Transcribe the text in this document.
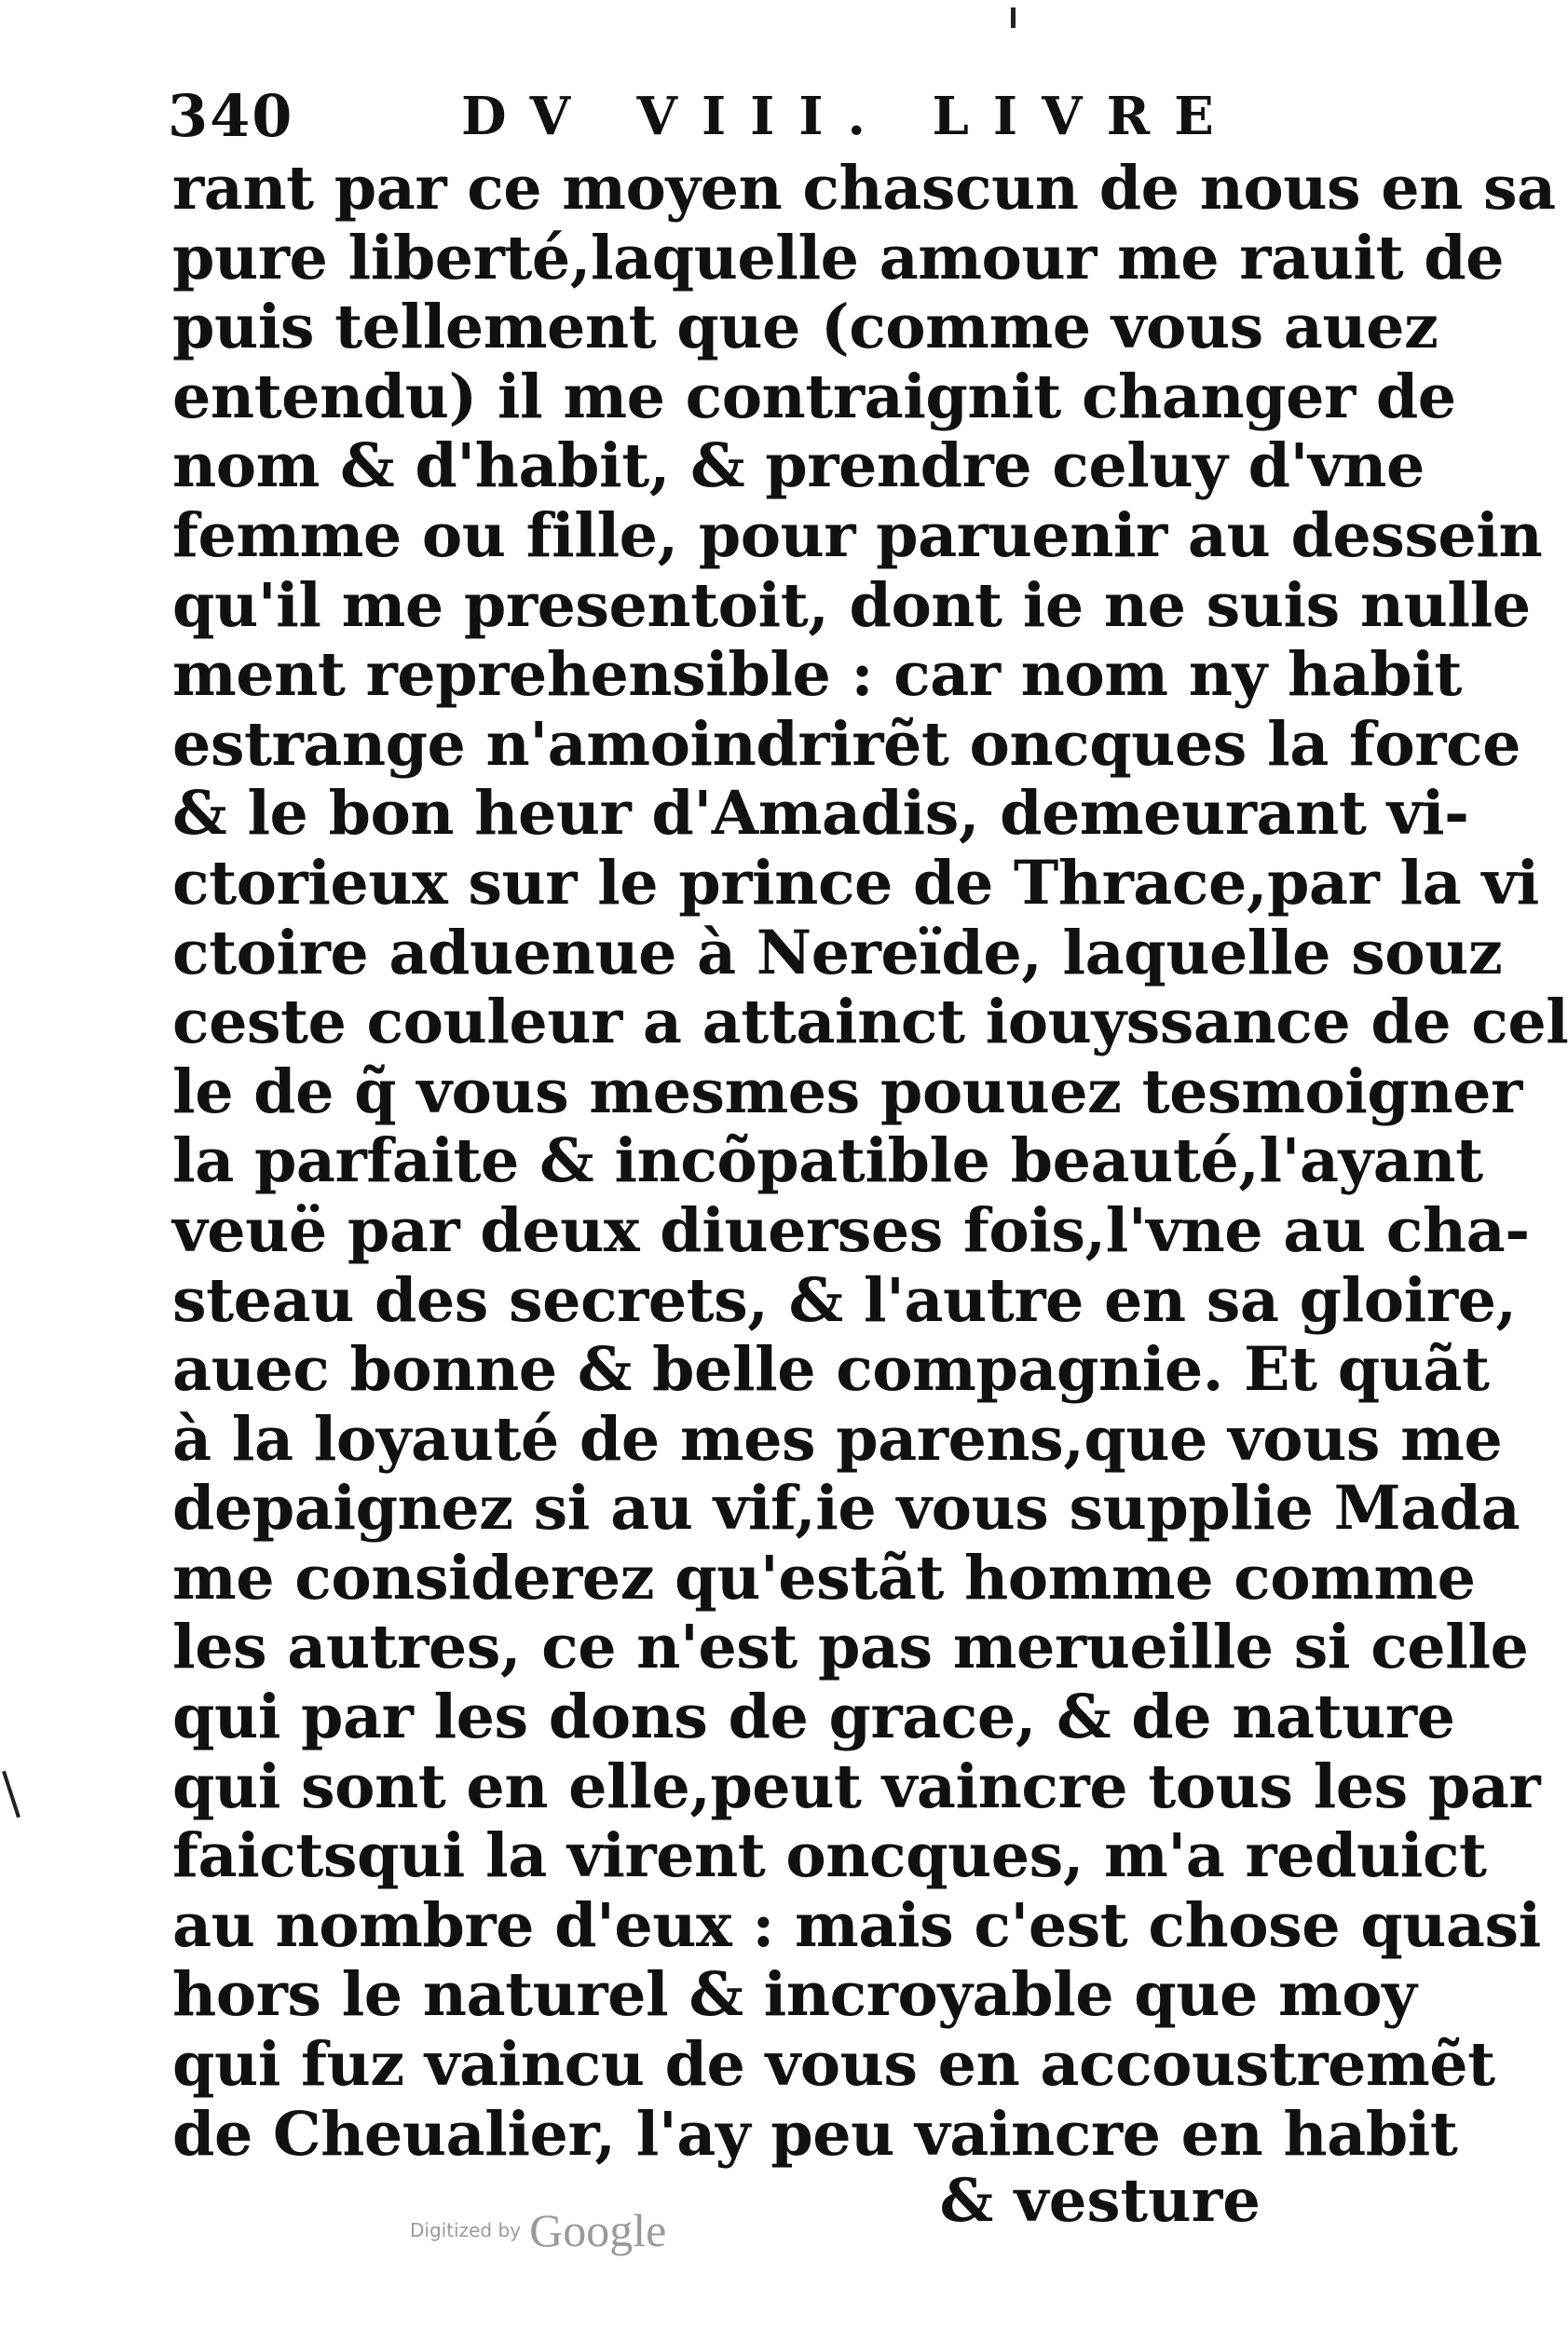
340	DV VIII. LIVRE
rant par ce moyen chascun de nous en sa
pure liberté,laquelle amour me rauit de
puis tellement que (comme vous auez
entendu) il me contraignit changer de
nom & d'habit, & prendre celuy d'vne
femme ou fille, pour paruenir au dessein
qu'il me presentoit, dont ie ne suis nulle
ment reprehensible : car nom ny habit
estrange n'amoindrirẽt oncques la force
& le bon heur d'Amadis, demeurant vi-
ctorieux sur le prince de Thrace,par la vi
ctoire aduenue à Nereïde, laquelle souz
ceste couleur a attainct iouyssance de cel
le de q̃ vous mesmes pouuez tesmoigner
la parfaite & incõpatible beauté,l'ayant
veuë par deux diuerses fois,l'vne au cha-
steau des secrets, & l'autre en sa gloire,
auec bonne & belle compagnie. Et quãt
à la loyauté de mes parens,que vous me
depaignez si au vif,ie vous supplie Mada
me considerez qu'estãt homme comme
les autres, ce n'est pas merueille si celle
qui par les dons de grace, & de nature
qui sont en elle,peut vaincre tous les par
faictsqui la virent oncques, m'a reduict
au nombre d'eux : mais c'est chose quasi
hors le naturel & incroyable que moy
qui fuz vaincu de vous en accoustremẽt
de Cheualier, l'ay peu vaincre en habit
& vesture
Digitized by Google
